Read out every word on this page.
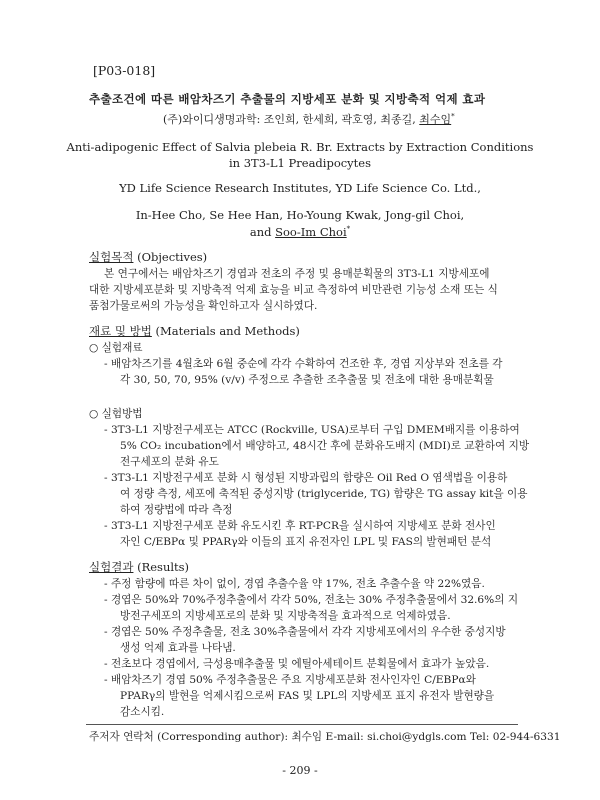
[P03-018]
추출조건에 따른 배암차즈기 추출물의 지방세포 분화 및 지방축적 억제 효과
(주)와이디생명과학: 조인희, 한세희, 곽호영, 최종길, 최수임*
Anti-adipogenic Effect of Salvia plebeia R. Br. Extracts by Extraction Conditions
in 3T3-L1 Preadipocytes
YD Life Science Research Institutes, YD Life Science Co. Ltd.,
In-Hee Cho, Se Hee Han, Ho-Young Kwak, Jong-gil Choi,
and Soo-Im Choi*
실험목적 (Objectives)
본 연구에서는 배암차즈기 경엽과 전초의 주정 및 용매분획물의 3T3-L1 지방세포에
대한 지방세포분화 및 지방축적 억제 효능을 비교 측정하여 비만관련 기능성 소재 또는 식
품첨가물로써의 가능성을 확인하고자 실시하였다.
재료 및 방법 (Materials and Methods)
○ 실험재료
- 배암차즈기를 4월초와 6월 중순에 각각 수확하여 건조한 후, 경엽 지상부와 전초를 각
각 30, 50, 70, 95% (v/v) 주정으로 추출한 조추출물 및 전초에 대한 용매분획물
○ 실험방법
- 3T3-L1 지방전구세포는 ATCC (Rockville, USA)로부터 구입 DMEM배지를 이용하여
5% CO₂ incubation에서 배양하고, 48시간 후에 분화유도배지 (MDI)로 교환하여 지방
전구세포의 분화 유도
- 3T3-L1 지방전구세포 분화 시 형성된 지방과립의 함량은 Oil Red O 염색법을 이용하
여 정량 측정, 세포에 축적된 중성지방 (triglyceride, TG) 함량은 TG assay kit을 이용
하여 정량법에 따라 측정
- 3T3-L1 지방전구세포 분화 유도시킨 후 RT-PCR을 실시하여 지방세포 분화 전사인
자인 C/EBPα 및 PPARγ와 이들의 표지 유전자인 LPL 및 FAS의 발현패턴 분석
실험결과 (Results)
- 주정 함량에 따른 차이 없이, 경엽 추출수율 약 17%, 전초 추출수율 약 22%였음.
- 경엽은 50%와 70%주정추출에서 각각 50%, 전초는 30% 주정추출물에서 32.6%의 지
방전구세포의 지방세포로의 분화 및 지방축적을 효과적으로 억제하였음.
- 경엽은 50% 주정추출물, 전초 30%추출물에서 각각 지방세포에서의 우수한 중성지방
생성 억제 효과를 나타냄.
- 전초보다 경엽에서, 극성용매추출물 및 에틸아세테이트 분획물에서 효과가 높았음.
- 배암차즈기 경엽 50% 주정추출물은 주요 지방세포분화 전사인자인 C/EBPα와
PPARγ의 발현을 억제시킴으로써 FAS 및 LPL의 지방세포 표지 유전자 발현량을
감소시킴.
주저자 연락처 (Corresponding author): 최수임 E-mail: si.choi@ydgls.com Tel: 02-944-6331
- 209 -
